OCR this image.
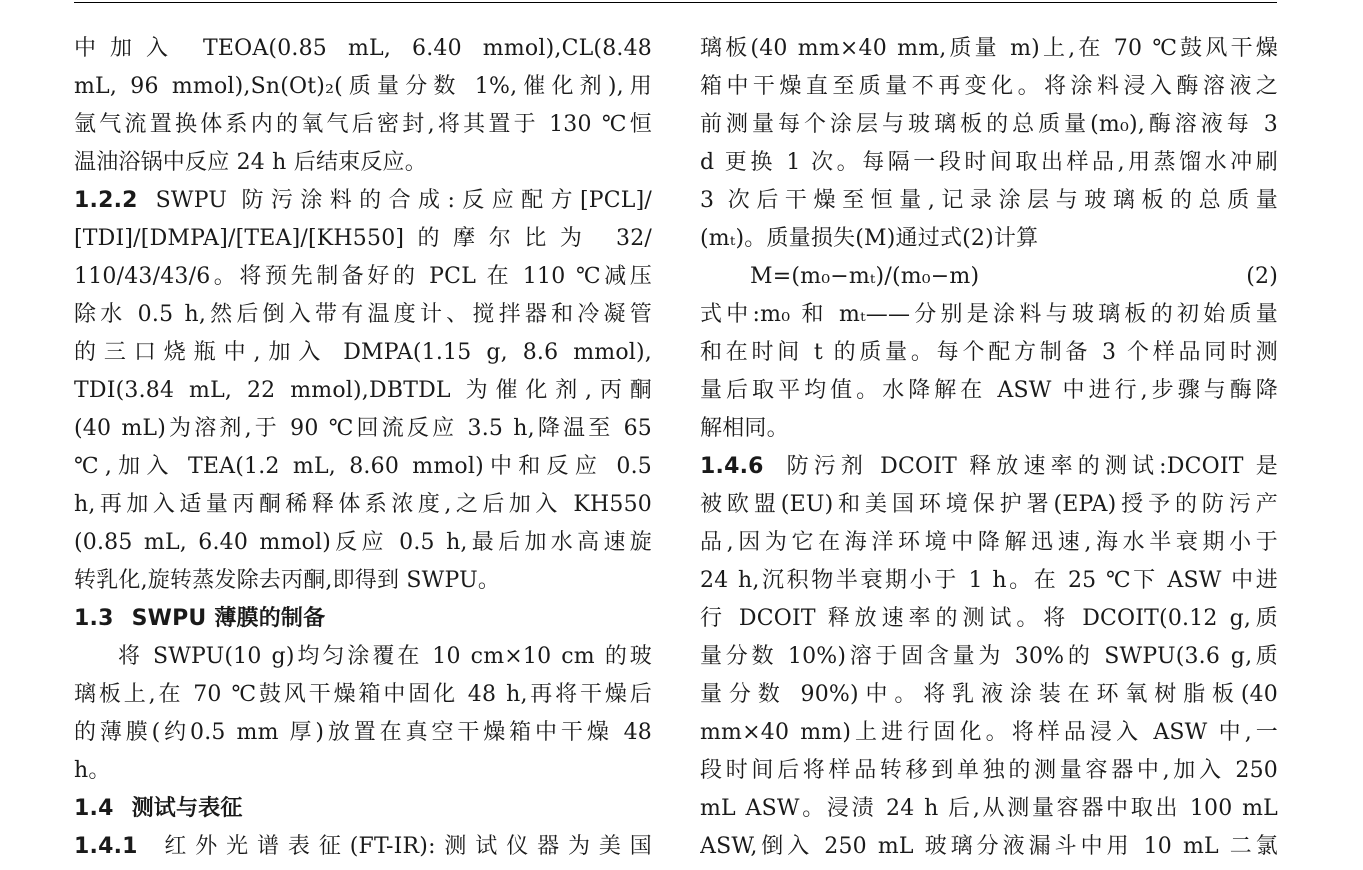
中加入 TEOA(0.85 mL, 6.40 mmol),CL(8.48
mL, 96 mmol),Sn(Ot)₂(质量分数 1%,催化剂),用
氩气流置换体系内的氧气后密封,将其置于 130 ℃恒
温油浴锅中反应 24 h 后结束反应。
1.2.2 SWPU 防污涂料的合成:反应配方[PCL]/
[TDI]/[DMPA]/[TEA]/[KH550]的摩尔比为 32/
110/43/43/6。将预先制备好的 PCL 在 110 ℃减压
除水 0.5 h,然后倒入带有温度计、搅拌器和冷凝管
的三口烧瓶中,加入 DMPA(1.15 g, 8.6 mmol),
TDI(3.84 mL, 22 mmol),DBTDL 为催化剂,丙酮
(40 mL)为溶剂,于 90 ℃回流反应 3.5 h,降温至 65
℃,加入 TEA(1.2 mL, 8.60 mmol)中和反应 0.5
h,再加入适量丙酮稀释体系浓度,之后加入 KH550
(0.85 mL, 6.40 mmol)反应 0.5 h,最后加水高速旋
转乳化,旋转蒸发除去丙酮,即得到 SWPU。
1.3 SWPU 薄膜的制备
将 SWPU(10 g)均匀涂覆在 10 cm×10 cm 的玻
璃板上,在 70 ℃鼓风干燥箱中固化 48 h,再将干燥后
的薄膜(约0.5 mm 厚)放置在真空干燥箱中干燥 48
h。
1.4 测试与表征
1.4.1 红外光谱表征(FT-IR):测试仪器为美国
璃板(40 mm×40 mm,质量 m)上,在 70 ℃鼓风干燥
箱中干燥直至质量不再变化。将涂料浸入酶溶液之
前测量每个涂层与玻璃板的总质量(m₀),酶溶液每 3
d 更换 1 次。每隔一段时间取出样品,用蒸馏水冲刷
3 次后干燥至恒量,记录涂层与玻璃板的总质量
(mₜ)。质量损失(M)通过式(2)计算
M=(m₀−mₜ)/(m₀−m)	(2)
式中:m₀ 和 mₜ——分别是涂料与玻璃板的初始质量
和在时间 t 的质量。每个配方制备 3 个样品同时测
量后取平均值。水降解在 ASW 中进行,步骤与酶降
解相同。
1.4.6 防污剂 DCOIT 释放速率的测试:DCOIT 是
被欧盟(EU)和美国环境保护署(EPA)授予的防污产
品,因为它在海洋环境中降解迅速,海水半衰期小于
24 h,沉积物半衰期小于 1 h。在 25 ℃下 ASW 中进
行 DCOIT 释放速率的测试。将 DCOIT(0.12 g,质
量分数 10%)溶于固含量为 30%的 SWPU(3.6 g,质
量分数 90%)中。将乳液涂装在环氧树脂板(40
mm×40 mm)上进行固化。将样品浸入 ASW 中,一
段时间后将样品转移到单独的测量容器中,加入 250
mL ASW。浸渍 24 h 后,从测量容器中取出 100 mL
ASW,倒入 250 mL 玻璃分液漏斗中用 10 mL 二氯
